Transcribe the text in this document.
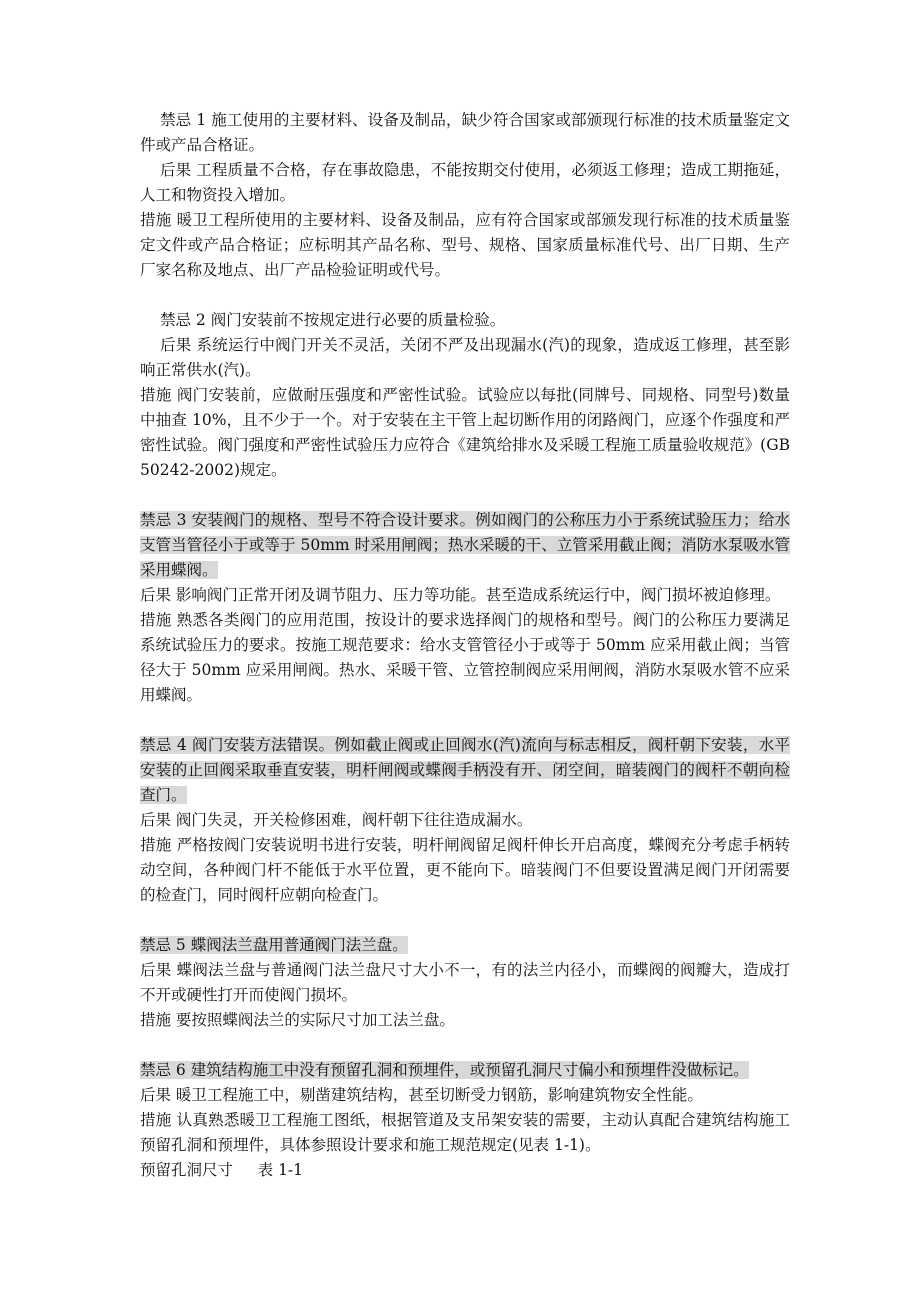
禁忌 1 施工使用的主要材料、设备及制品，缺少符合国家或部颁现行标准的技术质量鉴定文件或产品合格证。

后果 工程质量不合格，存在事故隐患，不能按期交付使用，必须返工修理；造成工期拖延，人工和物资投入增加。

措施 暖卫工程所使用的主要材料、设备及制品，应有符合国家或部颁发现行标准的技术质量鉴定文件或产品合格证；应标明其产品名称、型号、规格、国家质量标准代号、出厂日期、生产厂家名称及地点、出厂产品检验证明或代号。

禁忌 2 阀门安装前不按规定进行必要的质量检验。

后果 系统运行中阀门开关不灵活，关闭不严及出现漏水(汽)的现象，造成返工修理，甚至影响正常供水(汽)。

措施 阀门安装前，应做耐压强度和严密性试验。试验应以每批(同牌号、同规格、同型号)数量中抽查 10%，且不少于一个。对于安装在主干管上起切断作用的闭路阀门，应逐个作强度和严密性试验。阀门强度和严密性试验压力应符合《建筑给排水及采暖工程施工质量验收规范》(GB 50242-2002)规定。

禁忌 3 安装阀门的规格、型号不符合设计要求。例如阀门的公称压力小于系统试验压力；给水支管当管径小于或等于 50mm 时采用闸阀；热水采暖的干、立管采用截止阀；消防水泵吸水管采用蝶阀。

后果 影响阀门正常开闭及调节阻力、压力等功能。甚至造成系统运行中，阀门损坏被迫修理。

措施 熟悉各类阀门的应用范围，按设计的要求选择阀门的规格和型号。阀门的公称压力要满足系统试验压力的要求。按施工规范要求：给水支管管径小于或等于 50mm 应采用截止阀；当管径大于 50mm 应采用闸阀。热水、采暖干管、立管控制阀应采用闸阀，消防水泵吸水管不应采用蝶阀。

禁忌 4 阀门安装方法错误。例如截止阀或止回阀水(汽)流向与标志相反，阀杆朝下安装，水平安装的止回阀采取垂直安装，明杆闸阀或蝶阀手柄没有开、闭空间，暗装阀门的阀杆不朝向检查门。

后果 阀门失灵，开关检修困难，阀杆朝下往往造成漏水。

措施 严格按阀门安装说明书进行安装，明杆闸阀留足阀杆伸长开启高度，蝶阀充分考虑手柄转动空间，各种阀门杆不能低于水平位置，更不能向下。暗装阀门不但要设置满足阀门开闭需要的检查门，同时阀杆应朝向检查门。

禁忌 5 蝶阀法兰盘用普通阀门法兰盘。

后果 蝶阀法兰盘与普通阀门法兰盘尺寸大小不一，有的法兰内径小，而蝶阀的阀瓣大，造成打不开或硬性打开而使阀门损坏。

措施 要按照蝶阀法兰的实际尺寸加工法兰盘。

禁忌 6 建筑结构施工中没有预留孔洞和预埋件，或预留孔洞尺寸偏小和预埋件没做标记。

后果 暖卫工程施工中，剔凿建筑结构，甚至切断受力钢筋，影响建筑物安全性能。

措施 认真熟悉暖卫工程施工图纸，根据管道及支吊架安装的需要，主动认真配合建筑结构施工预留孔洞和预埋件，具体参照设计要求和施工规范规定(见表 1-1)。

预留孔洞尺寸     表 1-1
